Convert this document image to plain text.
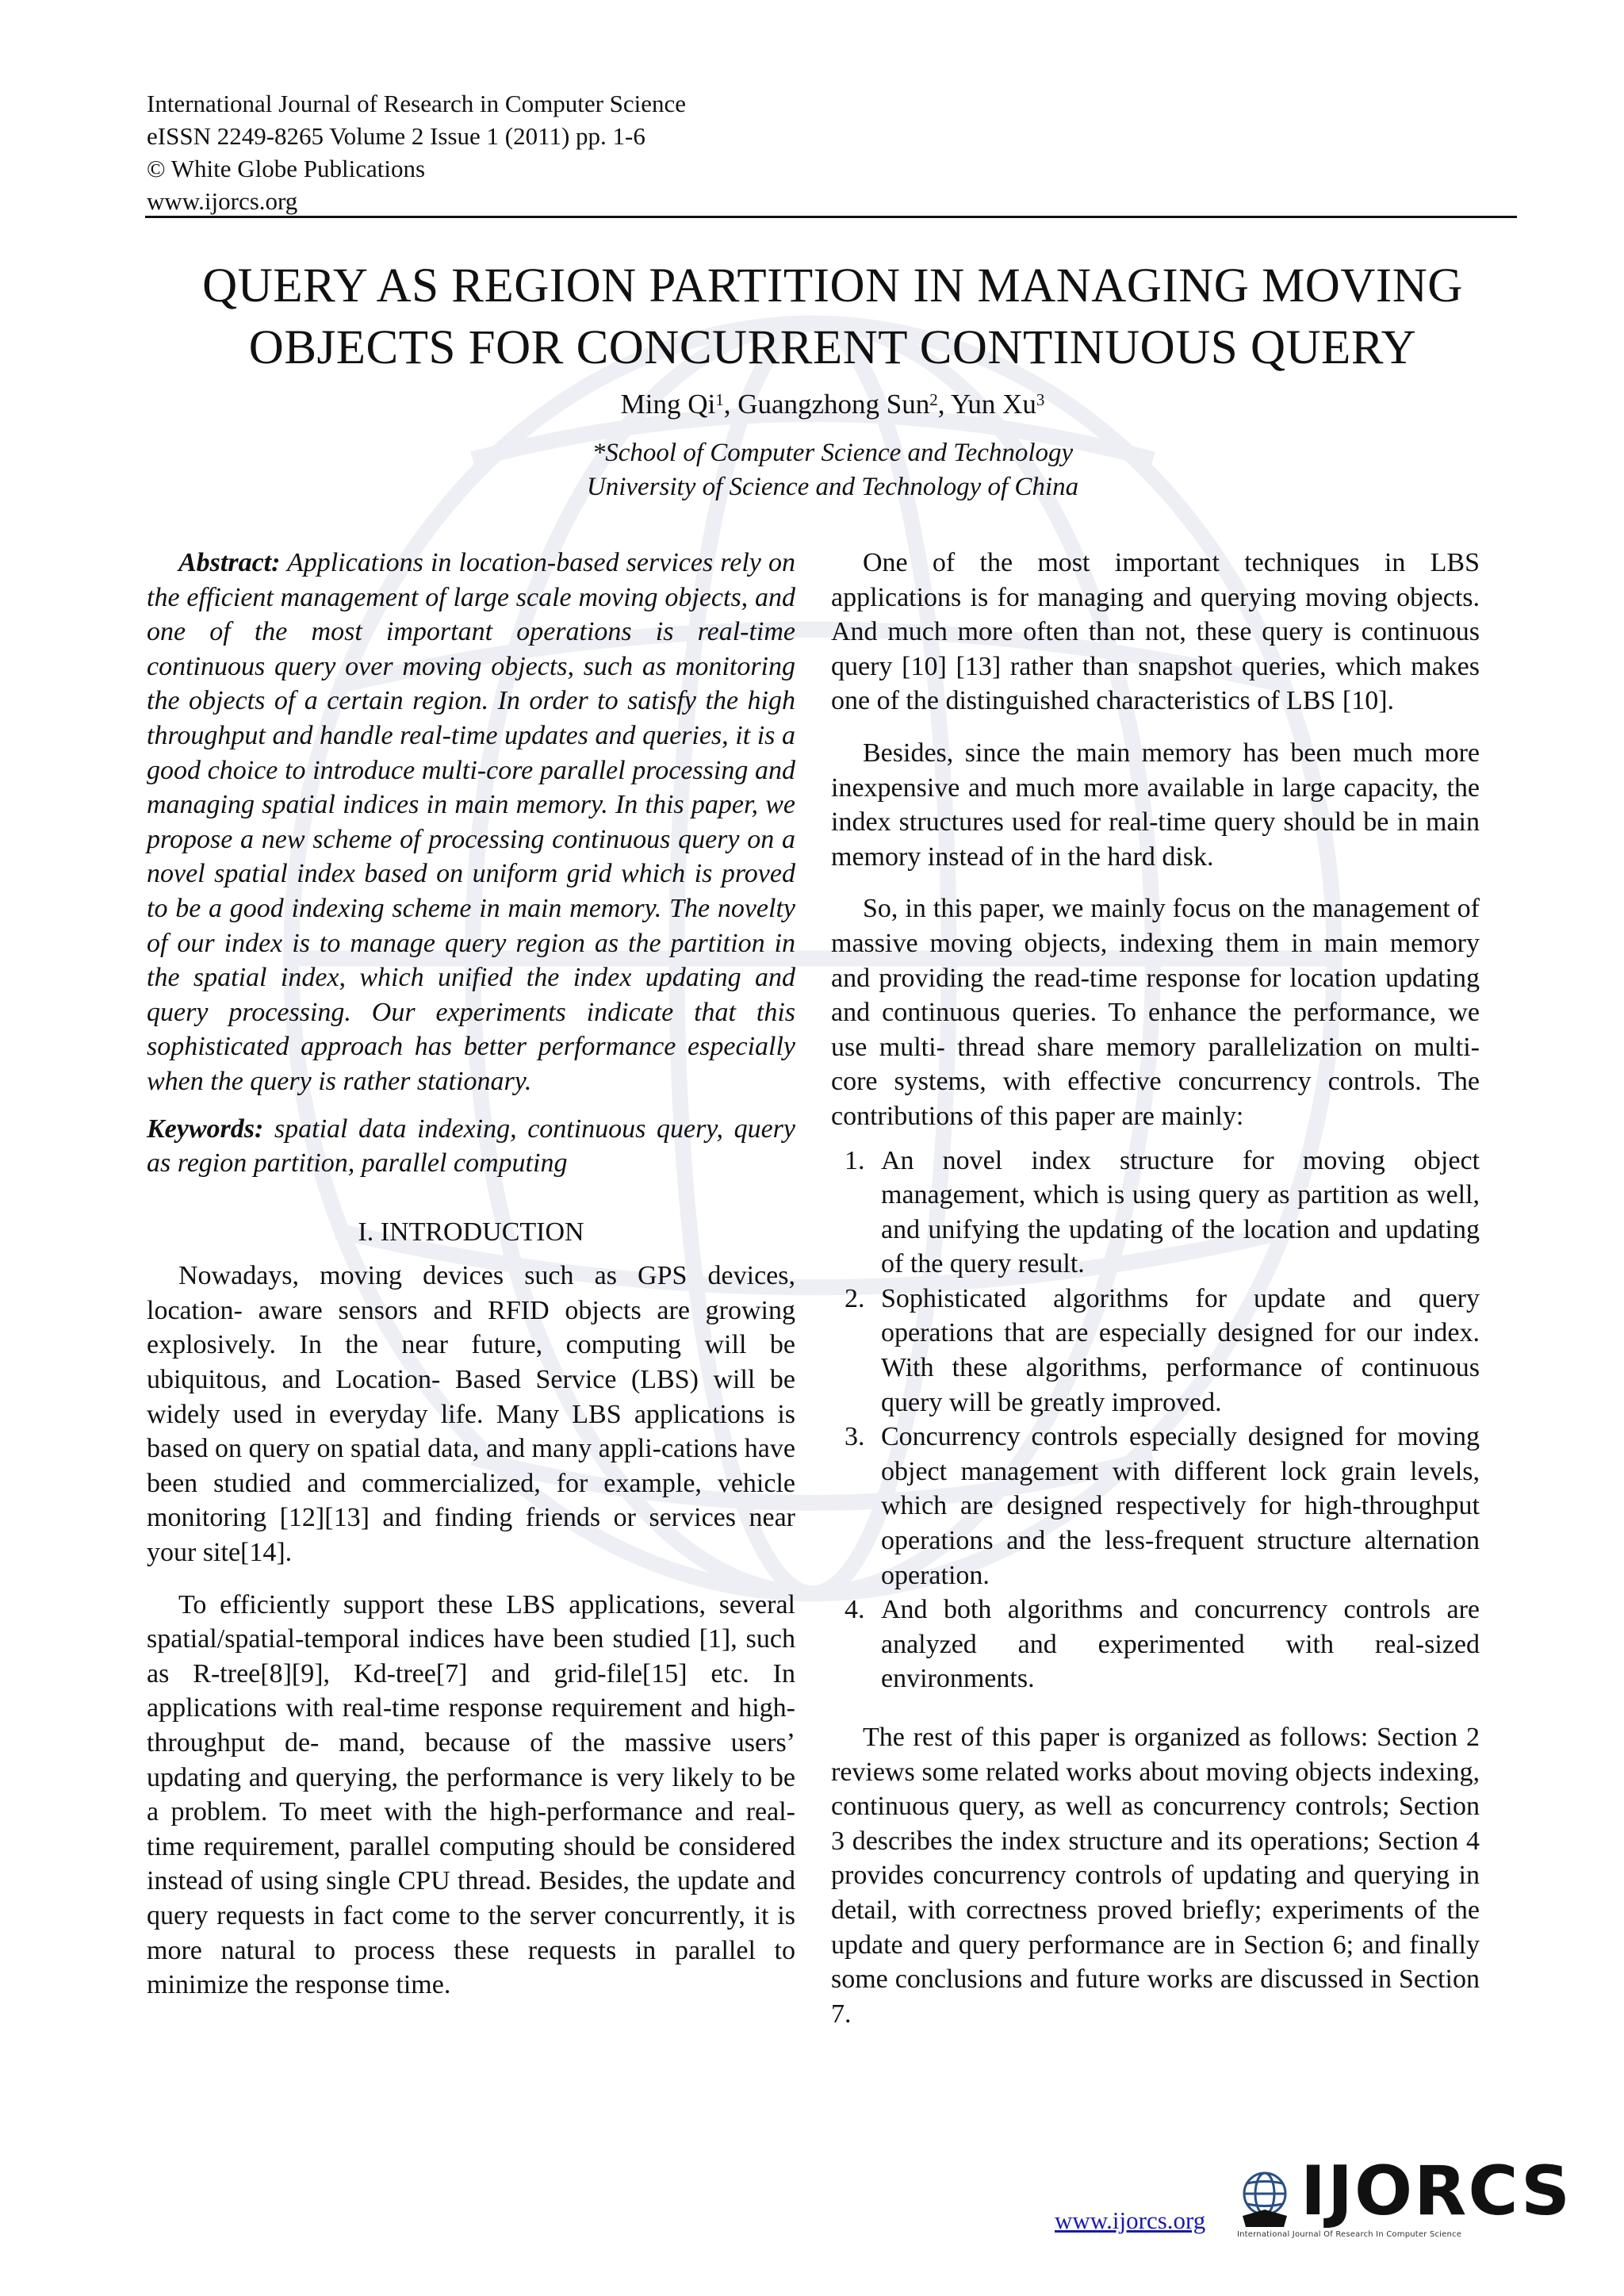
International Journal of Research in Computer Science
eISSN 2249-8265 Volume 2 Issue 1 (2011) pp. 1-6
© White Globe Publications
www.ijorcs.org
QUERY AS REGION PARTITION IN MANAGING MOVING
OBJECTS FOR CONCURRENT CONTINUOUS QUERY
Ming Qi$^1$, Guangzhong Sun$^2$, Yun Xu$^3$
*School of Computer Science and Technology
University of Science and Technology of China

Abstract: Applications in location-based services rely on the efficient management of large scale moving objects, and one of the most important operations is real-time continuous query over moving objects, such as monitoring the objects of a certain region. In order to satisfy the high throughput and handle real-time updates and queries, it is a good choice to introduce multi-core parallel processing and managing spatial indices in main memory. In this paper, we propose a new scheme of processing continuous query on a novel spatial index based on uniform grid which is proved to be a good indexing scheme in main memory. The novelty of our index is to manage query region as the partition in the spatial index, which unified the index updating and query processing. Our experiments indicate that this sophisticated approach has better performance especially when the query is rather stationary.

Keywords: spatial data indexing, continuous query, query as region partition, parallel computing

I. INTRODUCTION

Nowadays, moving devices such as GPS devices, location- aware sensors and RFID objects are growing explosively. In the near future, computing will be ubiquitous, and Location- Based Service (LBS) will be widely used in everyday life. Many LBS applications is based on query on spatial data, and many appli-cations have been studied and commercialized, for example, vehicle monitoring [12][13] and finding friends or services near your site[14].

To efficiently support these LBS applications, several spatial/spatial-temporal indices have been studied [1], such as R-tree[8][9], Kd-tree[7] and grid-file[15] etc. In applications with real-time response requirement and high-throughput de- mand, because of the massive users’ updating and querying, the performance is very likely to be a problem. To meet with the high-performance and real-time requirement, parallel computing should be considered instead of using single CPU thread. Besides, the update and query requests in fact come to the server concurrently, it is more natural to process these requests in parallel to minimize the response time.

One of the most important techniques in LBS applications is for managing and querying moving objects. And much more often than not, these query is continuous query [10] [13] rather than snapshot queries, which makes one of the distinguished characteristics of LBS [10].

Besides, since the main memory has been much more inexpensive and much more available in large capacity, the index structures used for real-time query should be in main memory instead of in the hard disk.

So, in this paper, we mainly focus on the management of massive moving objects, indexing them in main memory and providing the read-time response for location updating and continuous queries. To enhance the performance, we use multi- thread share memory parallelization on multi-core systems, with effective concurrency controls. The contributions of this paper are mainly:

1. An novel index structure for moving object management, which is using query as partition as well, and unifying the updating of the location and updating of the query result.
2. Sophisticated algorithms for update and query operations that are especially designed for our index. With these algorithms, performance of continuous query will be greatly improved.
3. Concurrency controls especially designed for moving object management with different lock grain levels, which are designed respectively for high-throughput operations and the less-frequent structure alternation operation.
4. And both algorithms and concurrency controls are analyzed and experimented with real-sized environments.

The rest of this paper is organized as follows: Section 2 reviews some related works about moving objects indexing, continuous query, as well as concurrency controls; Section 3 describes the index structure and its operations; Section 4 provides concurrency controls of updating and querying in detail, with correctness proved briefly; experiments of the update and query performance are in Section 6; and finally some conclusions and future works are discussed in Section 7.

www.ijorcs.org IJORCS
International Journal Of Research In Computer Science
